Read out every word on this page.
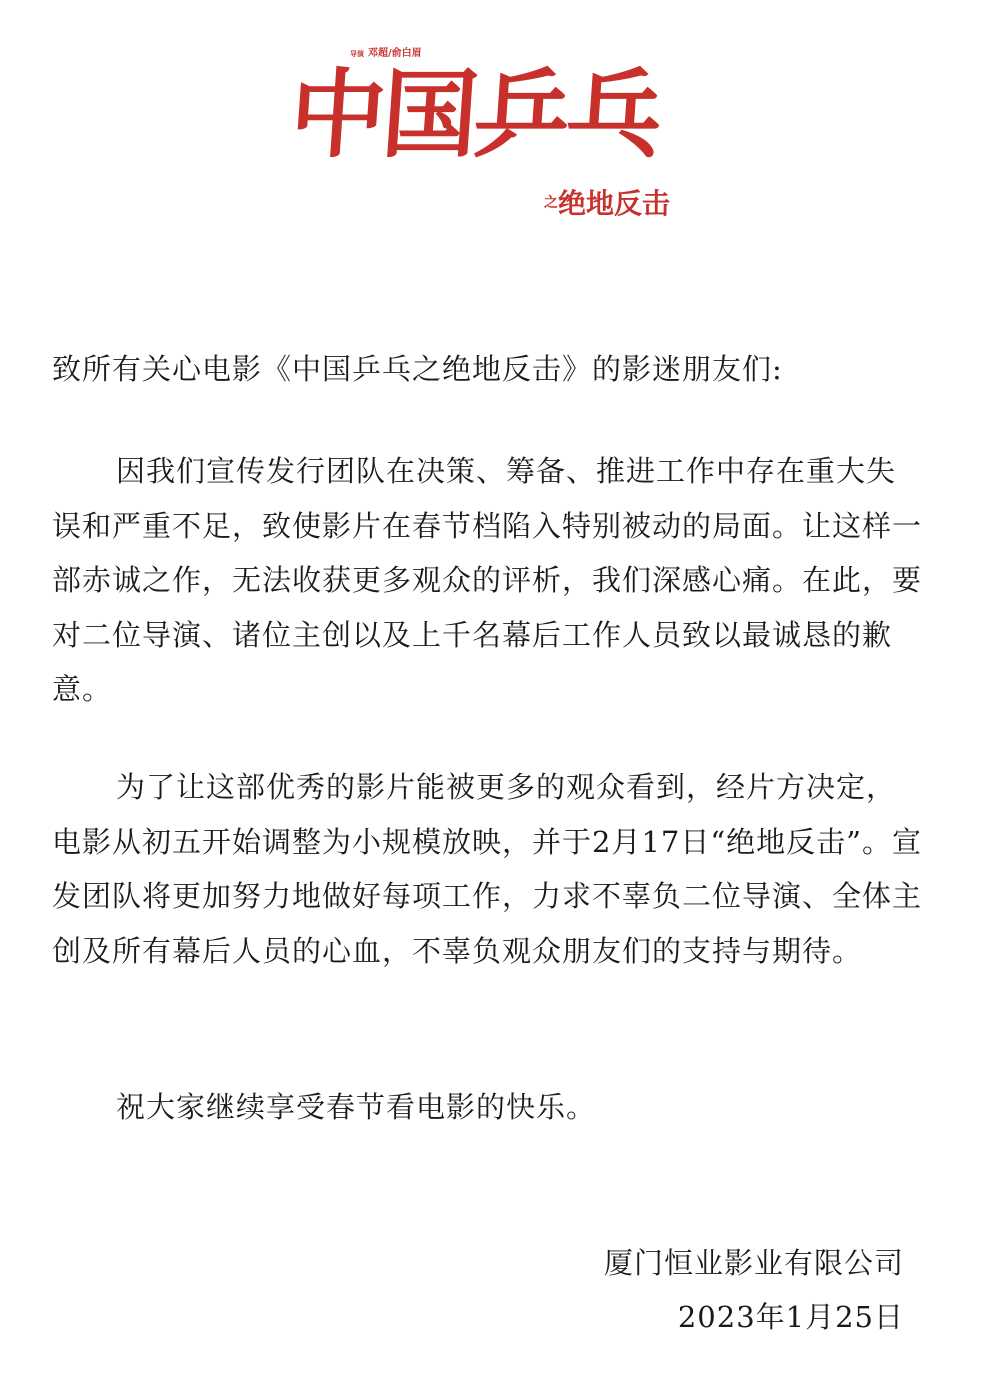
导演 邓超/俞白眉
中国乒乓
之绝地反击

致所有关心电影《中国乒乓之绝地反击》的影迷朋友们:

因我们宣传发行团队在决策、筹备、推进工作中存在重大失误和严重不足，致使影片在春节档陷入特别被动的局面。让这样一部赤诚之作，无法收获更多观众的评析，我们深感心痛。在此，要对二位导演、诸位主创以及上千名幕后工作人员致以最诚恳的歉意。

为了让这部优秀的影片能被更多的观众看到，经片方决定，电影从初五开始调整为小规模放映，并于2月17日“绝地反击”。宣发团队将更加努力地做好每项工作，力求不辜负二位导演、全体主创及所有幕后人员的心血，不辜负观众朋友们的支持与期待。

祝大家继续享受春节看电影的快乐。

厦门恒业影业有限公司
2023年1月25日
